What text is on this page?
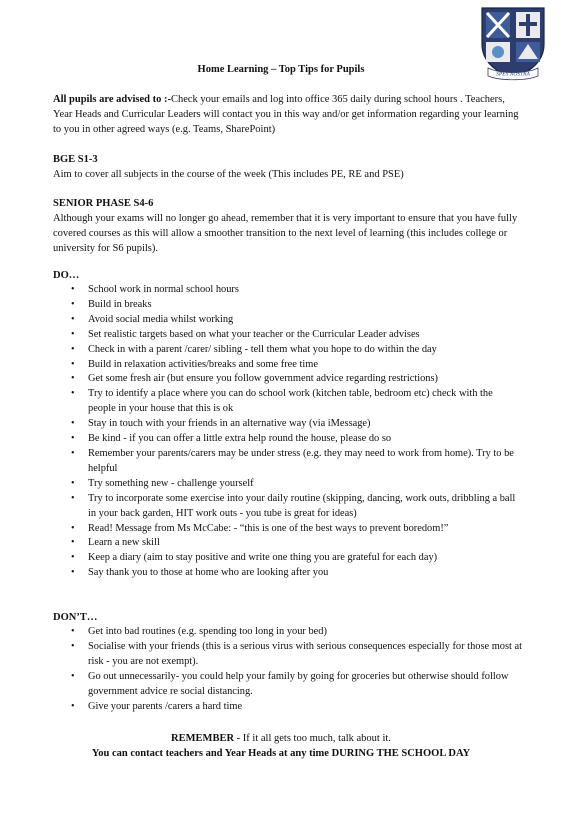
SPES NOSTRA
Home Learning – Top Tips for Pupils
All pupils are advised to :-Check your emails and log into office 365 daily during school hours . Teachers, Year Heads and Curricular Leaders will contact you in this way and/or get information regarding your learning to you in other agreed ways (e.g. Teams, SharePoint)
BGE S1-3
Aim to cover all subjects in the course of the week (This includes PE, RE and PSE)
SENIOR PHASE S4-6
Although your exams will no longer go ahead, remember that it is very important to ensure that you have fully covered courses as this will allow a smoother transition to the next level of learning (this includes college or university for S6 pupils).
DO…
• School work in normal school hours
• Build in breaks
• Avoid social media whilst working
• Set realistic targets based on what your teacher or the Curricular Leader advises
• Check in with a parent /carer/ sibling - tell them what you hope to do within the day
• Build in relaxation activities/breaks and some free time
• Get some fresh air (but ensure you follow government advice regarding restrictions)
• Try to identify a place where you can do school work (kitchen table, bedroom etc) check with the people in your house that this is ok
• Stay in touch with your friends in an alternative way (via iMessage)
• Be kind - if you can offer a little extra help round the house, please do so
• Remember your parents/carers may be under stress (e.g. they may need to work from home). Try to be helpful
• Try something new - challenge yourself
• Try to incorporate some exercise into your daily routine (skipping, dancing, work outs, dribbling a ball in your back garden, HIT work outs - you tube is great for ideas)
• Read! Message from Ms McCabe: - “this is one of the best ways to prevent boredom!”
• Learn a new skill
• Keep a diary (aim to stay positive and write one thing you are grateful for each day)
• Say thank you to those at home who are looking after you
DON’T…
• Get into bad routines (e.g. spending too long in your bed)
• Socialise with your friends (this is a serious virus with serious consequences especially for those most at risk - you are not exempt).
• Go out unnecessarily- you could help your family by going for groceries but otherwise should follow government advice re social distancing.
• Give your parents /carers a hard time
REMEMBER - If it all gets too much, talk about it.
You can contact teachers and Year Heads at any time DURING THE SCHOOL DAY
